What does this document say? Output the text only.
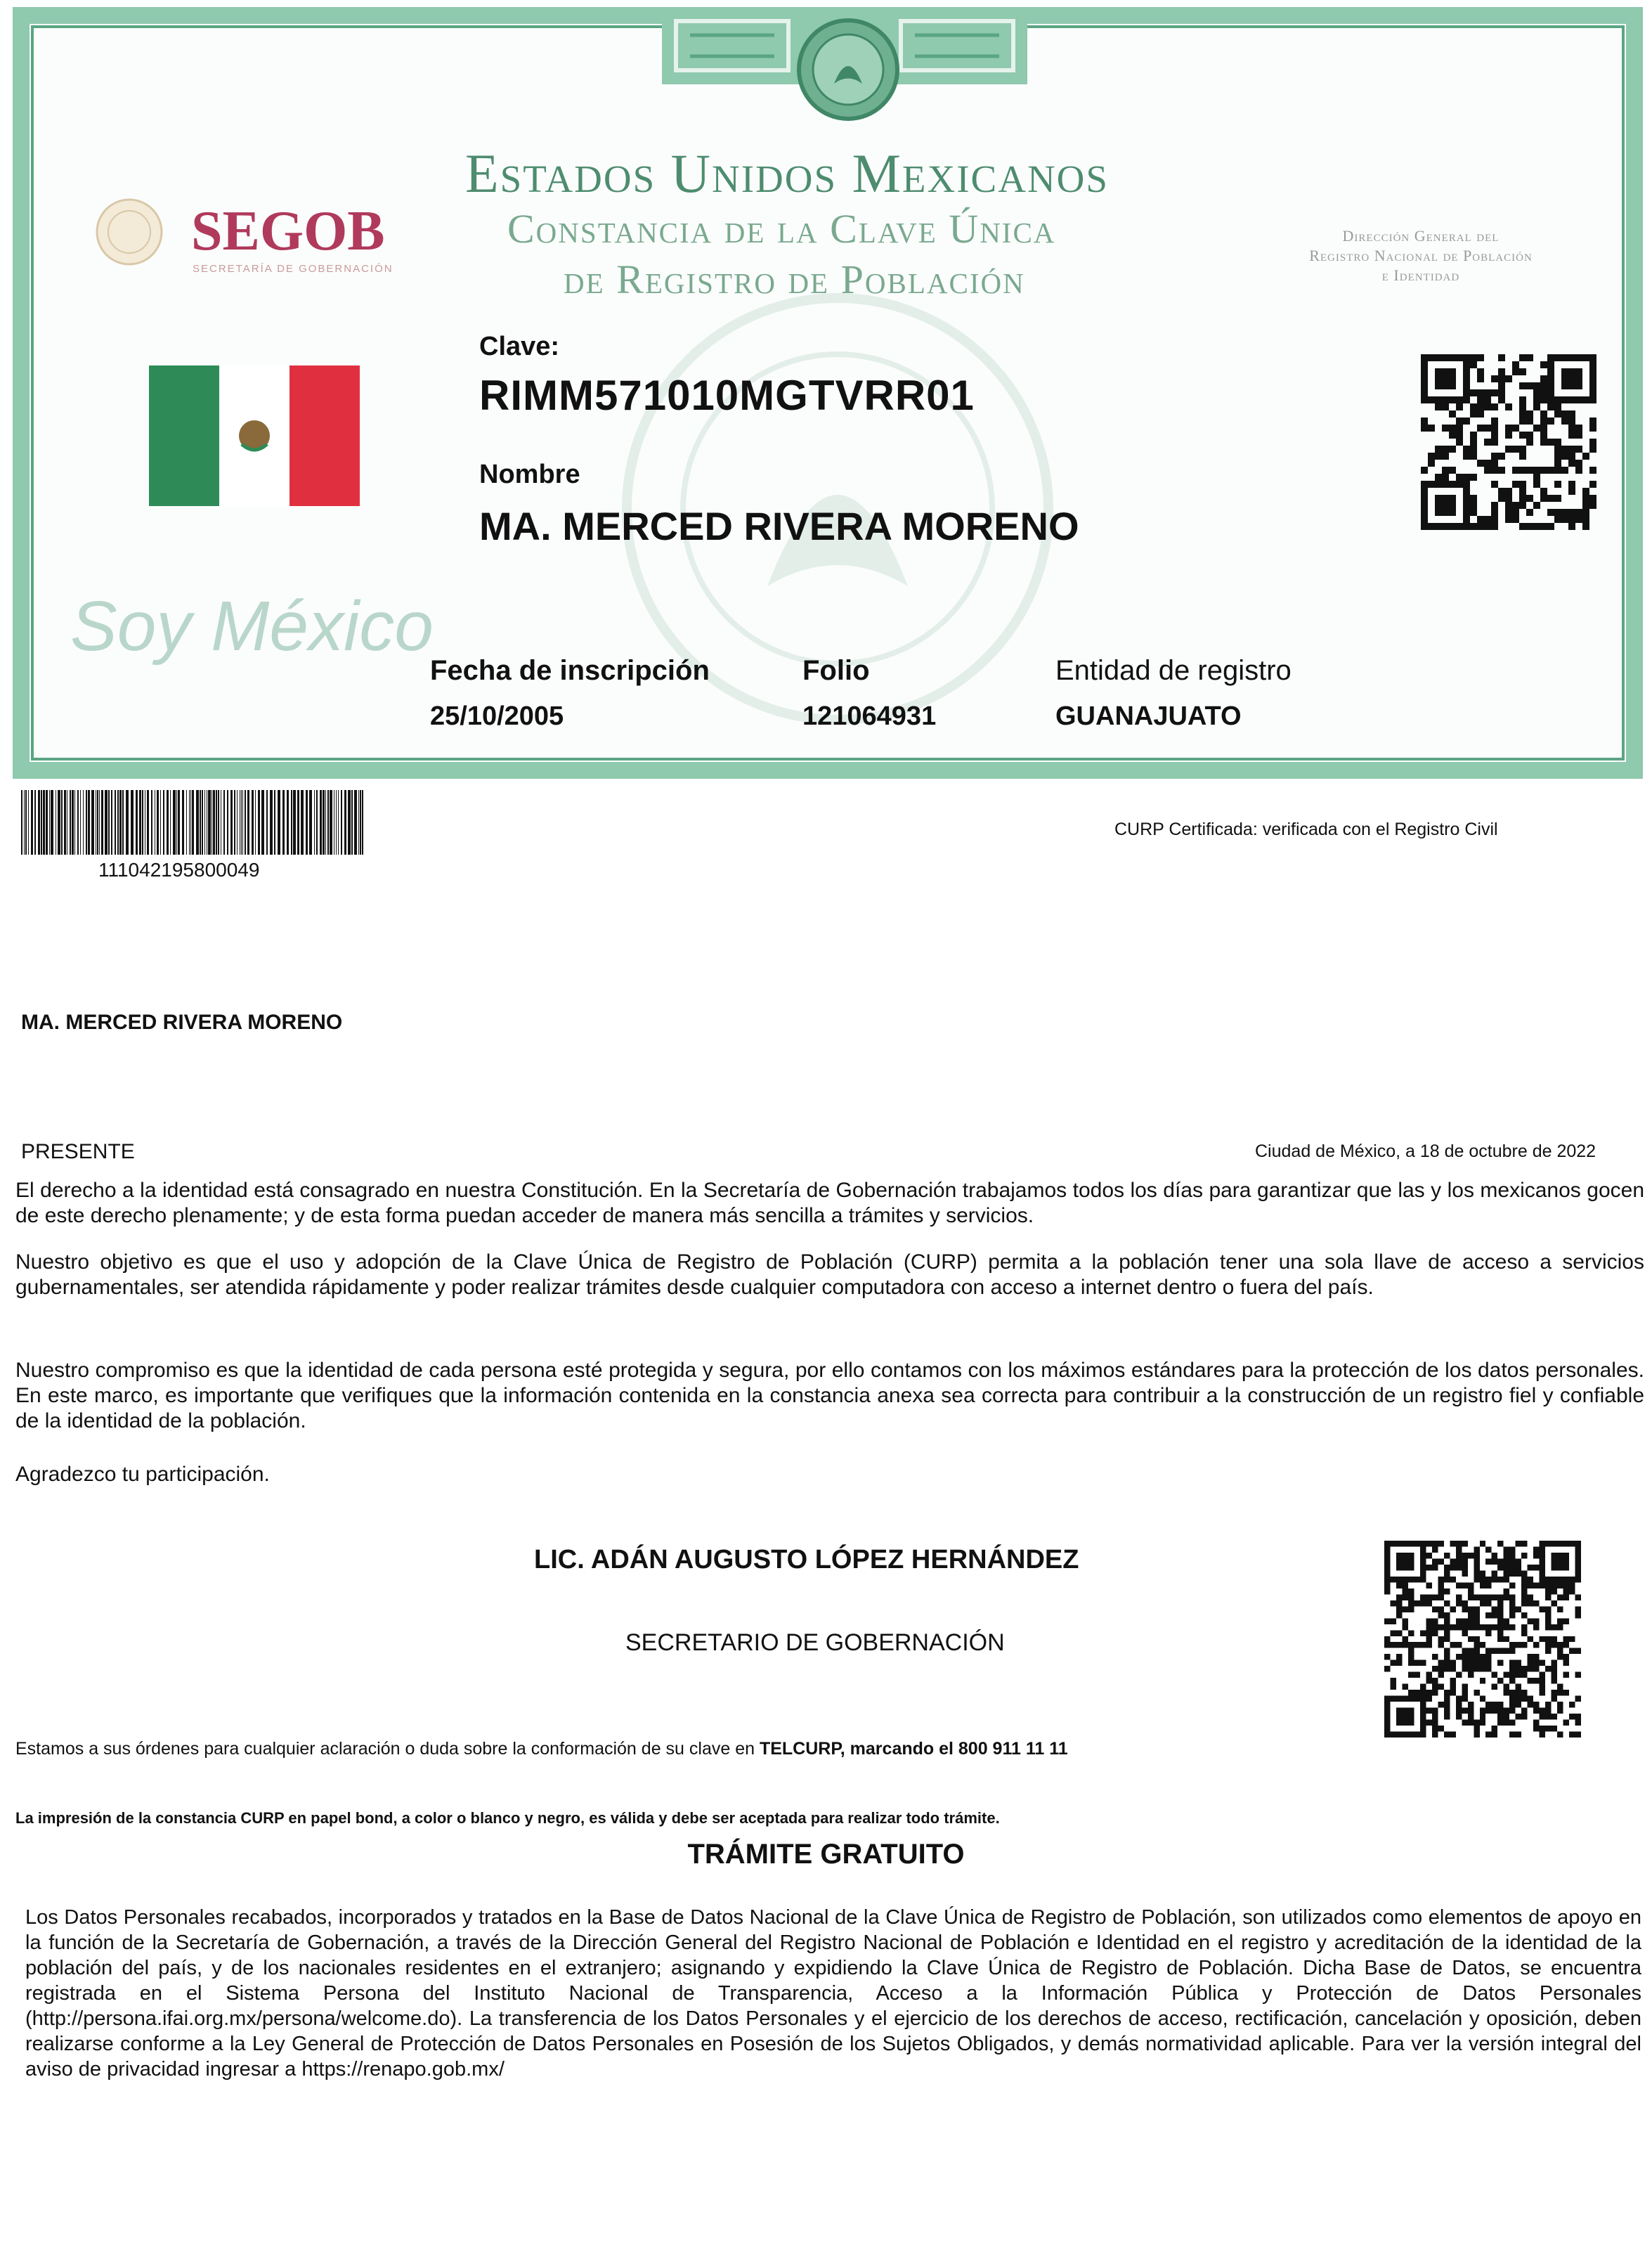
Estados Unidos Mexicanos
Constancia de la Clave Única
de Registro de Población
SEGOB
SECRETARÍA DE GOBERNACIÓN
Dirección General del
Registro Nacional de Población
e Identidad
Clave:
RIMM571010MGTVRR01
Nombre
MA. MERCED RIVERA MORENO
Soy México
Fecha de inscripción
25/10/2005
Folio
121064931
Entidad de registro
GUANAJUATO
111042195800049
CURP Certificada: verificada con el Registro Civil
MA. MERCED RIVERA MORENO
PRESENTE	Ciudad de México, a 18 de octubre de 2022
El derecho a la identidad está consagrado en nuestra Constitución. En la Secretaría de Gobernación trabajamos todos los días para garantizar que las y los mexicanos gocen de este derecho plenamente; y de esta forma puedan acceder de manera más sencilla a trámites y servicios.
Nuestro objetivo es que el uso y adopción de la Clave Única de Registro de Población (CURP) permita a la población tener una sola llave de acceso a servicios gubernamentales, ser atendida rápidamente y poder realizar trámites desde cualquier computadora con acceso a internet dentro o fuera del país.
Nuestro compromiso es que la identidad de cada persona esté protegida y segura, por ello contamos con los máximos estándares para la protección de los datos personales. En este marco, es importante que verifiques que la información contenida en la constancia anexa sea correcta para contribuir a la construcción de un registro fiel y confiable de la identidad de la población.
Agradezco tu participación.
LIC. ADÁN AUGUSTO LÓPEZ HERNÁNDEZ
SECRETARIO DE GOBERNACIÓN
Estamos a sus órdenes para cualquier aclaración o duda sobre la conformación de su clave en TELCURP, marcando el 800 911 11 11
La impresión de la constancia CURP en papel bond, a color o blanco y negro, es válida y debe ser aceptada para realizar todo trámite.
TRÁMITE GRATUITO
Los Datos Personales recabados, incorporados y tratados en la Base de Datos Nacional de la Clave Única de Registro de Población, son utilizados como elementos de apoyo en la función de la Secretaría de Gobernación, a través de la Dirección General del Registro Nacional de Población e Identidad en el registro y acreditación de la identidad de la población del país, y de los nacionales residentes en el extranjero; asignando y expidiendo la Clave Única de Registro de Población. Dicha Base de Datos, se encuentra registrada en el Sistema Persona del Instituto Nacional de Transparencia, Acceso a la Información Pública y Protección de Datos Personales (http://persona.ifai.org.mx/persona/welcome.do). La transferencia de los Datos Personales y el ejercicio de los derechos de acceso, rectificación, cancelación y oposición, deben realizarse conforme a la Ley General de Protección de Datos Personales en Posesión de los Sujetos Obligados, y demás normatividad aplicable. Para ver la versión integral del aviso de privacidad ingresar a https://renapo.gob.mx/
